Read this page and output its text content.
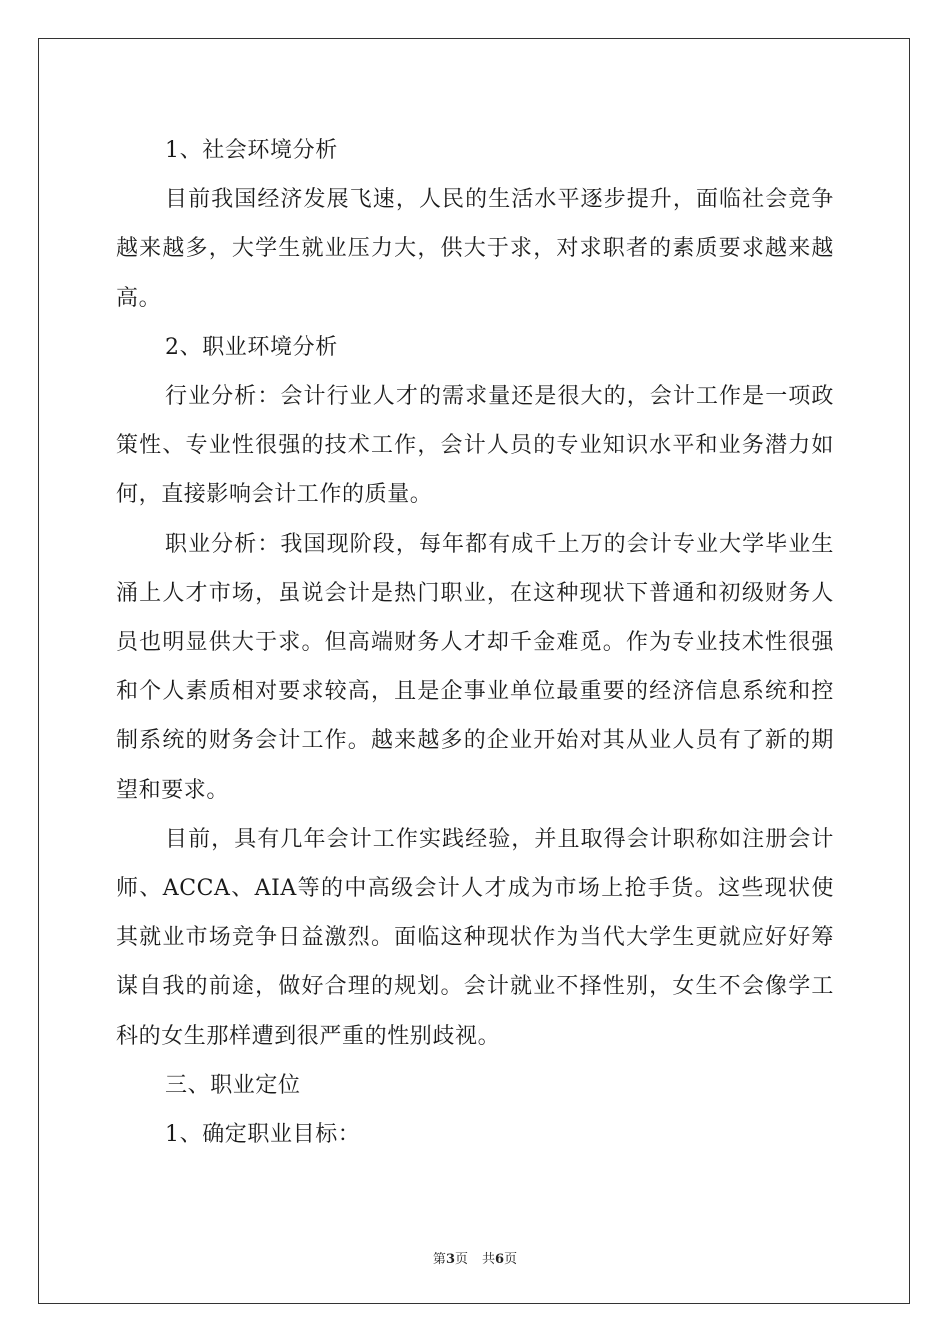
1、社会环境分析

目前我国经济发展飞速，人民的生活水平逐步提升，面临社会竞争越来越多，大学生就业压力大，供大于求，对求职者的素质要求越来越高。

2、职业环境分析

行业分析：会计行业人才的需求量还是很大的，会计工作是一项政策性、专业性很强的技术工作，会计人员的专业知识水平和业务潜力如何，直接影响会计工作的质量。

职业分析：我国现阶段，每年都有成千上万的会计专业大学毕业生涌上人才市场，虽说会计是热门职业，在这种现状下普通和初级财务人员也明显供大于求。但高端财务人才却千金难觅。作为专业技术性很强和个人素质相对要求较高，且是企事业单位最重要的经济信息系统和控制系统的财务会计工作。越来越多的企业开始对其从业人员有了新的期望和要求。

目前，具有几年会计工作实践经验，并且取得会计职称如注册会计师、ACCA、AIA等的中高级会计人才成为市场上抢手货。这些现状使其就业市场竞争日益激烈。面临这种现状作为当代大学生更就应好好筹谋自我的前途，做好合理的规划。会计就业不择性别，女生不会像学工科的女生那样遭到很严重的性别歧视。

三、职业定位

1、确定职业目标：

第3页 共6页
